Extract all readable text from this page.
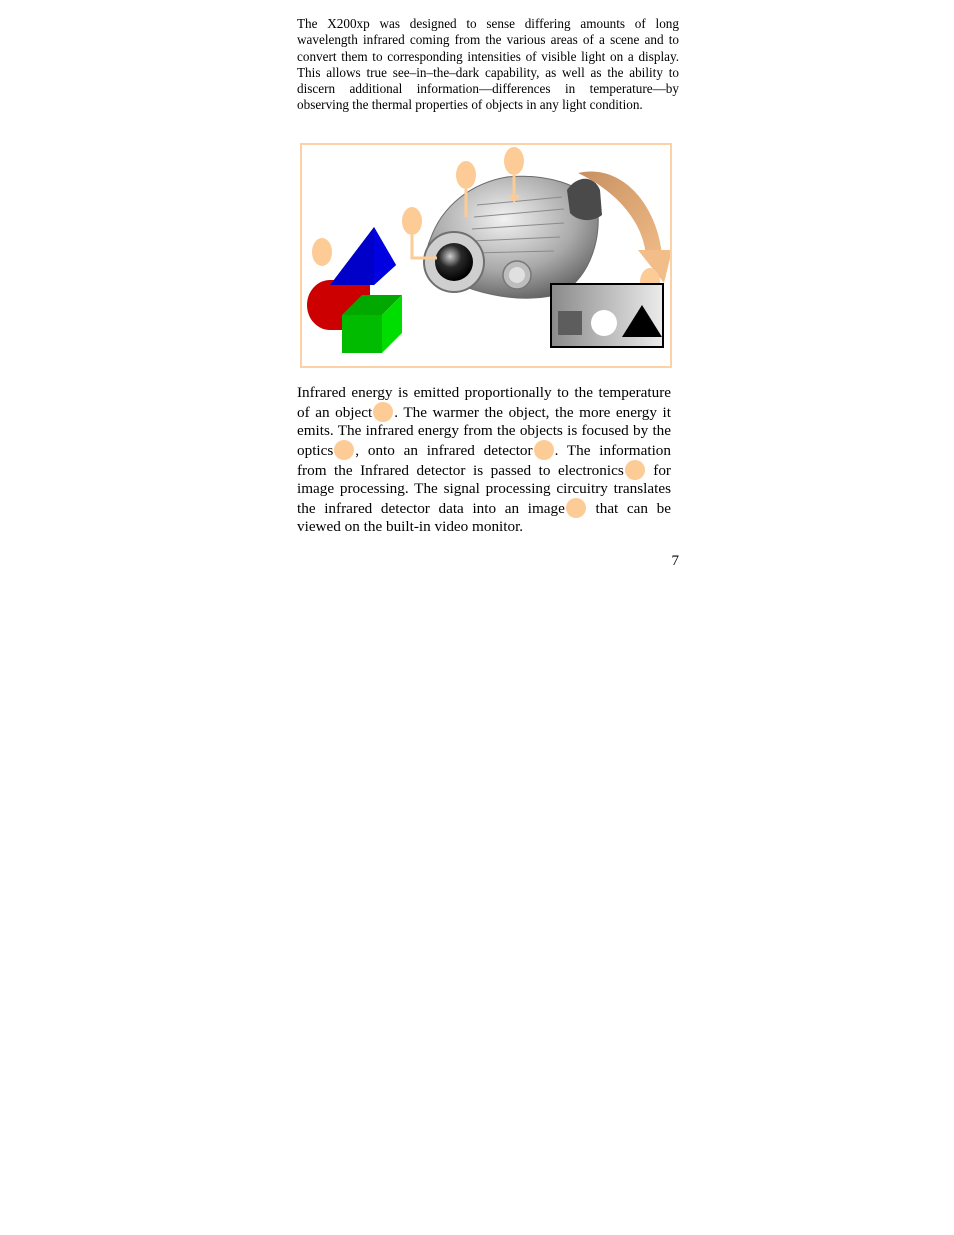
The X200xp was designed to sense differing amounts of long wavelength infrared coming from the various areas of a scene and to convert them to corresponding intensities of visible light on a display. This allows true see–in–the–dark capability, as well as the ability to discern additional information—differences in temperature—by observing the thermal properties of objects in any light condition.

Infrared energy is emitted proportionally to the temperature of an object . The warmer the object, the more energy it emits. The infrared energy from the objects is focused by the optics , onto an infrared detector . The information from the Infrared detector is passed to electronics for image processing. The signal processing circuitry translates the infrared detector data into an image that can be viewed on the built-in video monitor.

7
